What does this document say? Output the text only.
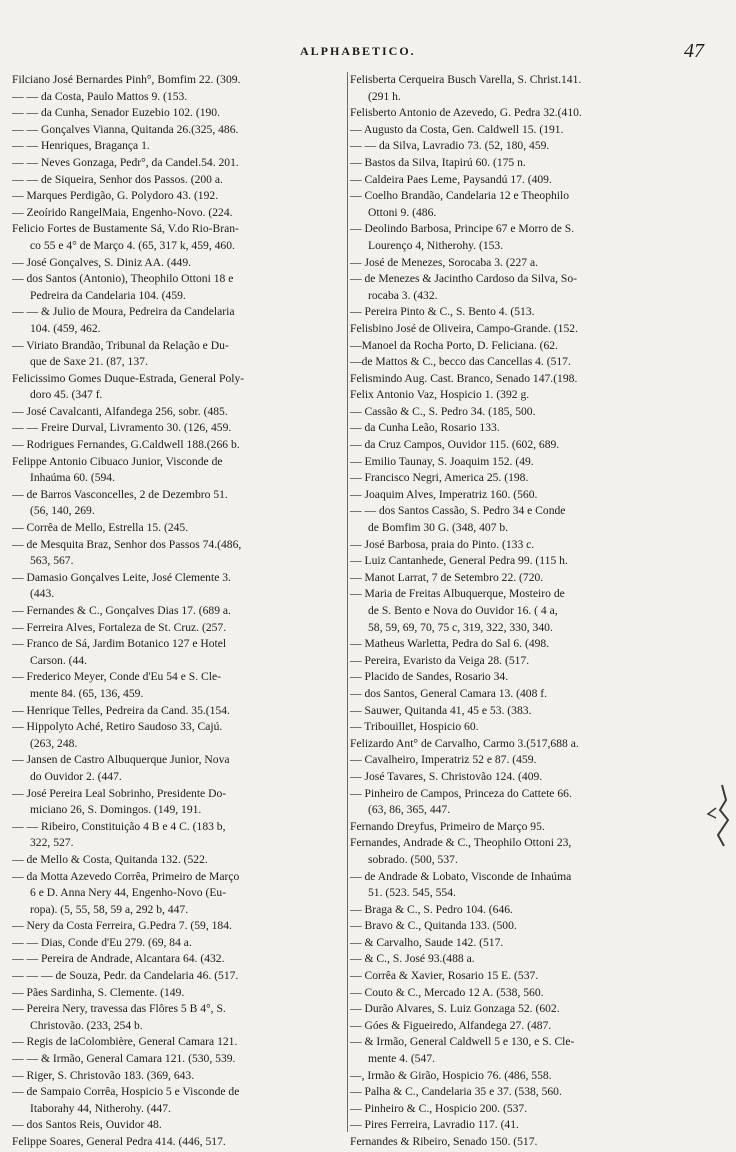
ALPHABETICO.	47
Filciano José Bernardes Pinh°, Bomfim 22. (309.
— — da Costa, Paulo Mattos 9. (153.
— — da Cunha, Senador Euzebio 102. (190.
— — Gonçalves Vianna, Quitanda 26.(325, 486.
— — Henriques, Bragança 1.
— — Neves Gonzaga, Pedr°, da Candel.54. 201.
— — de Siqueira, Senhor dos Passos. (200 a.
— Marques Perdigão, G. Polydoro 43. (192.
— Zeoírido RangelMaia, Engenho-Novo. (224.
Felicio Fortes de Bustamente Sá, V.do Rio-Bran-
co 55 e 4° de Março 4. (65, 317 k, 459, 460.
— José Gonçalves, S. Diniz AA. (449.
— dos Santos (Antonio), Theophilo Ottoni 18 e
Pedreira da Candelaria 104. (459.
— — & Julio de Moura, Pedreira da Candelaria
104. (459, 462.
— Viriato Brandão, Tribunal da Relação e Du-
que de Saxe 21. (87, 137.
Felicissimo Gomes Duque-Estrada, General Poly-
doro 45. (347 f.
— José Cavalcanti, Alfandega 256, sobr. (485.
— — Freire Durval, Livramento 30. (126, 459.
— Rodrigues Fernandes, G.Caldwell 188.(266 b.
Felippe Antonio Cibuaco Junior, Visconde de
Inhaúma 60. (594.
— de Barros Vasconcelles, 2 de Dezembro 51.
(56, 140, 269.
— Corrêa de Mello, Estrella 15. (245.
— de Mesquita Braz, Senhor dos Passos 74.(486,
563, 567.
— Damasio Gonçalves Leite, José Clemente 3.
(443.
— Fernandes & C., Gonçalves Dias 17. (689 a.
— Ferreira Alves, Fortaleza de St. Cruz. (257.
— Franco de Sá, Jardim Botanico 127 e Hotel
Carson. (44.
— Frederico Meyer, Conde d'Eu 54 e S. Cle-
mente 84. (65, 136, 459.
— Henrique Telles, Pedreira da Cand. 35.(154.
— Hippolyto Aché, Retiro Saudoso 33, Cajú.
(263, 248.
— Jansen de Castro Albuquerque Junior, Nova
do Ouvidor 2. (447.
— José Pereira Leal Sobrinho, Presidente Do-
miciano 26, S. Domingos. (149, 191.
— — Ribeiro, Constituição 4 B e 4 C. (183 b,
322, 527.
— de Mello & Costa, Quitanda 132. (522.
— da Motta Azevedo Corrêa, Primeiro de Março
6 e D. Anna Nery 44, Engenho-Novo (Eu-
ropa). (5, 55, 58, 59 a, 292 b, 447.
— Nery da Costa Ferreira, G.Pedra 7. (59, 184.
— — Dias, Conde d'Eu 279. (69, 84 a.
— — Pereira de Andrade, Alcantara 64. (432.
— — — de Souza, Pedr. da Candelaria 46. (517.
— Pães Sardinha, S. Clemente. (149.
— Pereira Nery, travessa das Flôres 5 B 4°, S.
Christovão. (233, 254 b.
— Regis de laColombière, General Camara 121.
— — & Irmão, General Camara 121. (530, 539.
— Riger, S. Christovão 183. (369, 643.
— de Sampaio Corrêa, Hospicio 5 e Visconde de
Itaborahy 44, Nitherohy. (447.
— dos Santos Reis, Ouvidor 48.
Felippe Soares, General Pedra 414. (446, 517.
Felisberta Cerqueira Busch Varella, S. Christ.141.
(291 h.
Felisberto Antonio de Azevedo, G. Pedra 32.(410.
— Augusto da Costa, Gen. Caldwell 15. (191.
— — da Silva, Lavradio 73. (52, 180, 459.
— Bastos da Silva, Itapirú 60. (175 n.
— Caldeira Paes Leme, Paysandú 17. (409.
— Coelho Brandão, Candelaria 12 e Theophilo
Ottoni 9. (486.
— Deolindo Barbosa, Principe 67 e Morro de S.
Lourenço 4, Nitherohy. (153.
— José de Menezes, Sorocaba 3. (227 a.
— de Menezes & Jacintho Cardoso da Silva, So-
rocaba 3. (432.
— Pereira Pinto & C., S. Bento 4. (513.
Felisbino José de Oliveira, Campo-Grande. (152.
—Manoel da Rocha Porto, D. Feliciana. (62.
—de Mattos & C., becco das Cancellas 4. (517.
Felismindo Aug. Cast. Branco, Senado 147.(198.
Felix Antonio Vaz, Hospicio 1. (392 g.
— Cassão & C., S. Pedro 34. (185, 500.
— da Cunha Leão, Rosario 133.
— da Cruz Campos, Ouvidor 115. (602, 689.
— Emilio Taunay, S. Joaquim 152. (49.
— Francisco Negri, America 25. (198.
— Joaquim Alves, Imperatriz 160. (560.
— — dos Santos Cassão, S. Pedro 34 e Conde
de Bomfim 30 G. (348, 407 b.
— José Barbosa, praia do Pinto. (133 c.
— Luiz Cantanhede, General Pedra 99. (115 h.
— Manot Larrat, 7 de Setembro 22. (720.
— Maria de Freitas Albuquerque, Mosteiro de
de S. Bento e Nova do Ouvidor 16. ( 4 a,
58, 59, 69, 70, 75 c, 319, 322, 330, 340.
— Matheus Warletta, Pedra do Sal 6. (498.
— Pereira, Evaristo da Veiga 28. (517.
— Placido de Sandes, Rosario 34.
— dos Santos, General Camara 13. (408 f.
— Sauwer, Quitanda 41, 45 e 53. (383.
— Tribouillet, Hospicio 60.
Felizardo Ant° de Carvalho, Carmo 3.(517,688 a.
— Cavalheiro, Imperatriz 52 e 87. (459.
— José Tavares, S. Christovão 124. (409.
— Pinheiro de Campos, Princeza do Cattete 66.
(63, 86, 365, 447.
Fernando Dreyfus, Primeiro de Março 95.
Fernandes, Andrade & C., Theophilo Ottoni 23,
sobrado. (500, 537.
— de Andrade & Lobato, Visconde de Inhaúma
51. (523. 545, 554.
— Braga & C., S. Pedro 104. (646.
— Bravo & C., Quitanda 133. (500.
— & Carvalho, Saude 142. (517.
— & C., S. José 93.(488 a.
— Corrêa & Xavier, Rosario 15 E. (537.
— Couto & C., Mercado 12 A. (538, 560.
— Durão Alvares, S. Luiz Gonzaga 52. (602.
— Góes & Figueiredo, Alfandega 27. (487.
— & Irmão, General Caldwell 5 e 130, e S. Cle-
mente 4. (547.
—, Irmão & Girão, Hospicio 76. (486, 558.
— Palha & C., Candelaria 35 e 37. (538, 560.
— Pinheiro & C., Hospicio 200. (537.
— Pires Ferreira, Lavradio 117. (41.
Fernandes & Ribeiro, Senado 150. (517.
